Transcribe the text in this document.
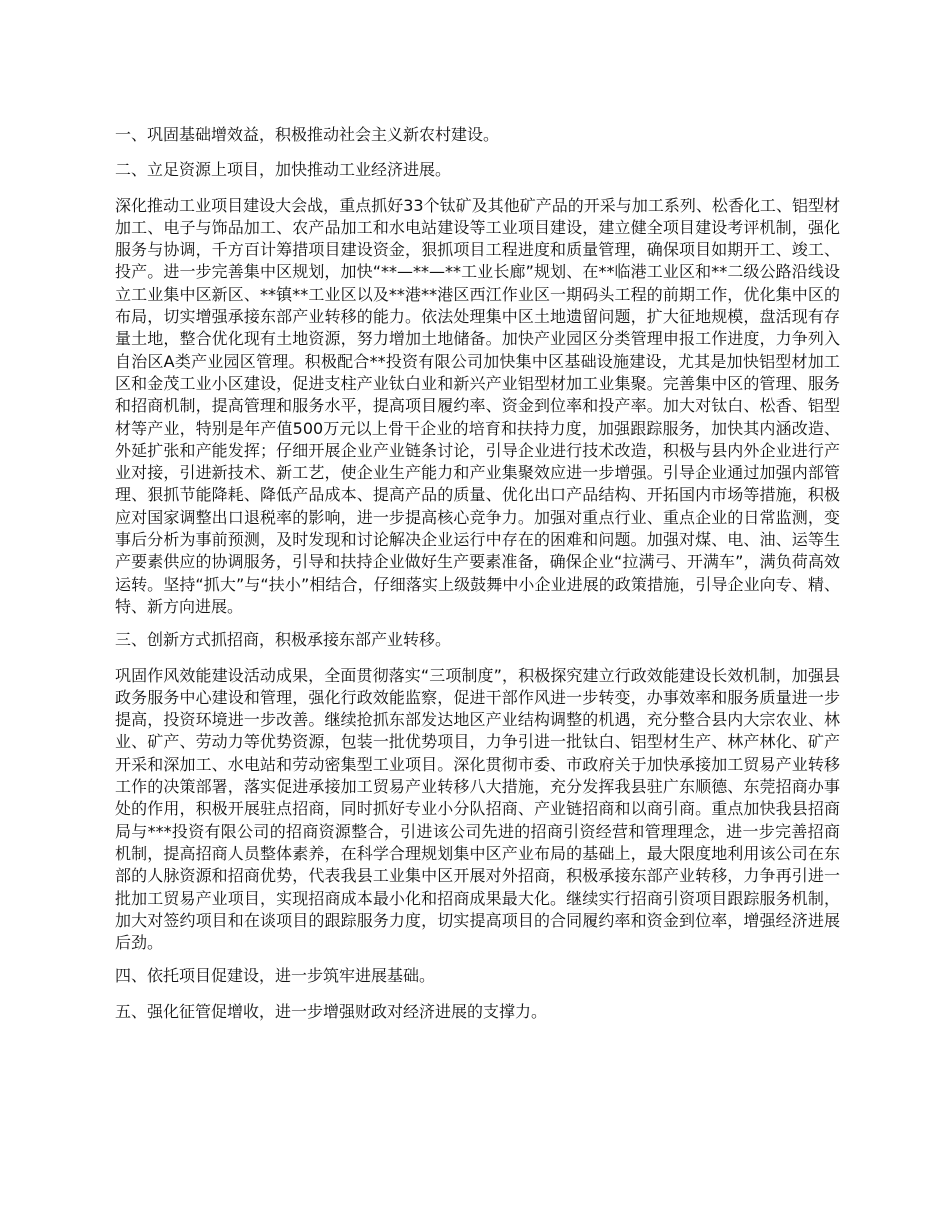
一、巩固基础增效益，积极推动社会主义新农村建设。

二、立足资源上项目，加快推动工业经济进展。

深化推动工业项目建设大会战，重点抓好33个钛矿及其他矿产品的开采与加工系列、松香化工、铝型材加工、电子与饰品加工、农产品加工和水电站建设等工业项目建设，建立健全项目建设考评机制，强化服务与协调，千方百计筹措项目建设资金，狠抓项目工程进度和质量管理，确保项目如期开工、竣工、投产。进一步完善集中区规划，加快“**—**—**工业长廊”规划、在**临港工业区和**二级公路沿线设立工业集中区新区、**镇**工业区以及**港**港区西江作业区一期码头工程的前期工作，优化集中区的布局，切实增强承接东部产业转移的能力。依法处理集中区土地遗留问题，扩大征地规模，盘活现有存量土地，整合优化现有土地资源，努力增加土地储备。加快产业园区分类管理申报工作进度，力争列入自治区A类产业园区管理。积极配合**投资有限公司加快集中区基础设施建设，尤其是加快铝型材加工区和金茂工业小区建设，促进支柱产业钛白业和新兴产业铝型材加工业集聚。完善集中区的管理、服务和招商机制，提高管理和服务水平，提高项目履约率、资金到位率和投产率。加大对钛白、松香、铝型材等产业，特别是年产值500万元以上骨干企业的培育和扶持力度，加强跟踪服务，加快其内涵改造、外延扩张和产能发挥；仔细开展企业产业链条讨论，引导企业进行技术改造，积极与县内外企业进行产业对接，引进新技术、新工艺，使企业生产能力和产业集聚效应进一步增强。引导企业通过加强内部管理、狠抓节能降耗、降低产品成本、提高产品的质量、优化出口产品结构、开拓国内市场等措施，积极应对国家调整出口退税率的影响，进一步提高核心竞争力。加强对重点行业、重点企业的日常监测，变事后分析为事前预测，及时发现和讨论解决企业运行中存在的困难和问题。加强对煤、电、油、运等生产要素供应的协调服务，引导和扶持企业做好生产要素准备，确保企业“拉满弓、开满车”，满负荷高效运转。坚持“抓大”与“扶小”相结合，仔细落实上级鼓舞中小企业进展的政策措施，引导企业向专、精、特、新方向进展。

三、创新方式抓招商，积极承接东部产业转移。

巩固作风效能建设活动成果，全面贯彻落实“三项制度”，积极探究建立行政效能建设长效机制，加强县政务服务中心建设和管理，强化行政效能监察，促进干部作风进一步转变，办事效率和服务质量进一步提高，投资环境进一步改善。继续抢抓东部发达地区产业结构调整的机遇，充分整合县内大宗农业、林业、矿产、劳动力等优势资源，包装一批优势项目，力争引进一批钛白、铝型材生产、林产林化、矿产开采和深加工、水电站和劳动密集型工业项目。深化贯彻市委、市政府关于加快承接加工贸易产业转移工作的决策部署，落实促进承接加工贸易产业转移八大措施，充分发挥我县驻广东顺德、东莞招商办事处的作用，积极开展驻点招商，同时抓好专业小分队招商、产业链招商和以商引商。重点加快我县招商局与***投资有限公司的招商资源整合，引进该公司先进的招商引资经营和管理理念，进一步完善招商机制，提高招商人员整体素养，在科学合理规划集中区产业布局的基础上，最大限度地利用该公司在东部的人脉资源和招商优势，代表我县工业集中区开展对外招商，积极承接东部产业转移，力争再引进一批加工贸易产业项目，实现招商成本最小化和招商成果最大化。继续实行招商引资项目跟踪服务机制，加大对签约项目和在谈项目的跟踪服务力度，切实提高项目的合同履约率和资金到位率，增强经济进展后劲。

四、依托项目促建设，进一步筑牢进展基础。

五、强化征管促增收，进一步增强财政对经济进展的支撑力。
